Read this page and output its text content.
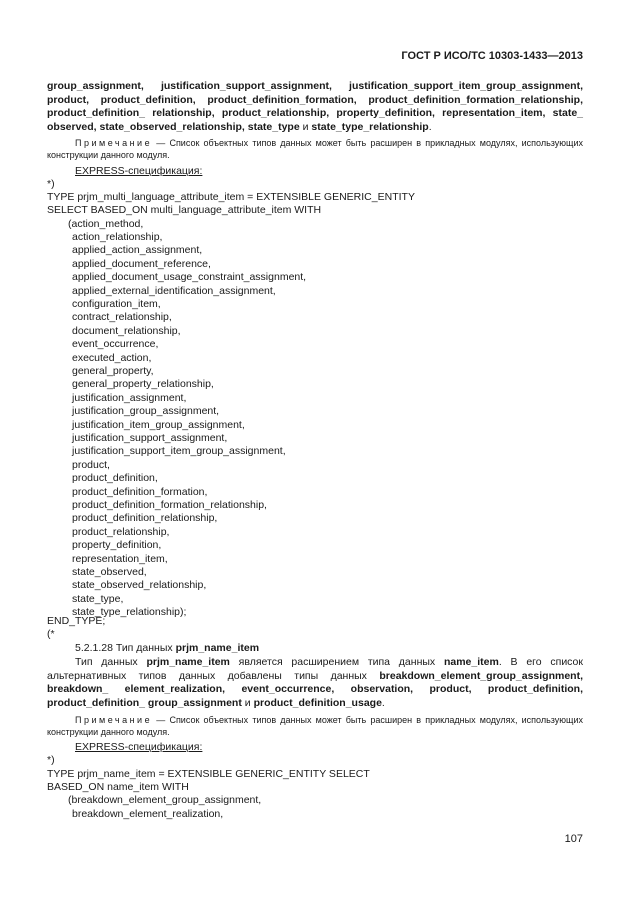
ГОСТ Р ИСО/ТС 10303-1433—2013
group_assignment, justification_support_assignment, justification_support_item_group_assignment, product, product_definition, product_definition_formation, product_definition_formation_relationship, product_definition_ relationship, product_relationship, property_definition, representation_item, state_ observed, state_observed_relationship, state_type и state_type_relationship.
Примечание — Список объектных типов данных может быть расширен в прикладных модулях, использующих конструкции данного модуля.
EXPRESS-спецификация:
*)
TYPE prjm_multi_language_attribute_item = EXTENSIBLE GENERIC_ENTITY
SELECT BASED_ON multi_language_attribute_item WITH
(action_method,
action_relationship,
applied_action_assignment,
applied_document_reference,
applied_document_usage_constraint_assignment,
applied_external_identification_assignment,
configuration_item,
contract_relationship,
document_relationship,
event_occurrence,
executed_action,
general_property,
general_property_relationship,
justification_assignment,
justification_group_assignment,
justification_item_group_assignment,
justification_support_assignment,
justification_support_item_group_assignment,
product,
product_definition,
product_definition_formation,
product_definition_formation_relationship,
product_definition_relationship,
product_relationship,
property_definition,
representation_item,
state_observed,
state_observed_relationship,
state_type,
state_type_relationship);
END_TYPE;
(*
5.2.1.28 Тип данных prjm_name_item
Тип данных prjm_name_item является расширением типа данных name_item. В его список альтернативных типов данных добавлены типы данных breakdown_element_group_assignment, breakdown_ element_realization, event_occurrence, observation, product, product_definition, product_definition_ group_assignment и product_definition_usage.
Примечание — Список объектных типов данных может быть расширен в прикладных модулях, использующих конструкции данного модуля.
EXPRESS-спецификация:
*)
TYPE prjm_name_item = EXTENSIBLE GENERIC_ENTITY SELECT
BASED_ON name_item WITH
(breakdown_element_group_assignment,
breakdown_element_realization,
107
